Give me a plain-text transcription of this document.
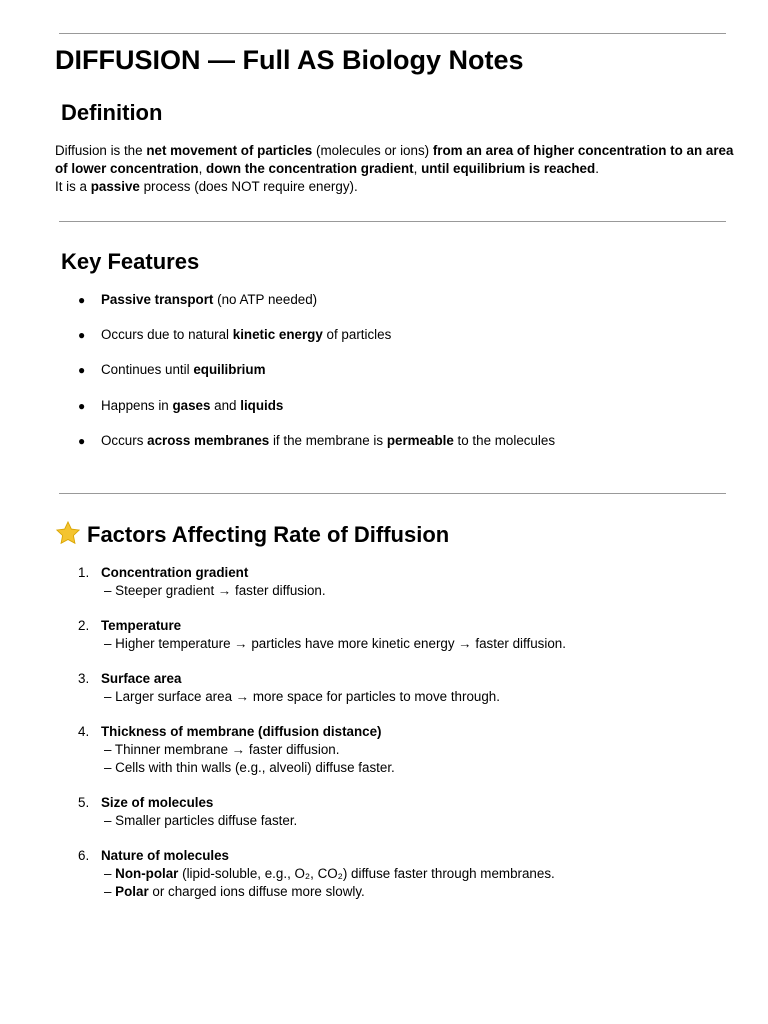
DIFFUSION — Full AS Biology Notes
Definition

Diffusion is the net movement of particles (molecules or ions) from an area of higher concentration to an area of lower concentration, down the concentration gradient, until equilibrium is reached.
It is a passive process (does NOT require energy).

Key Features
● Passive transport (no ATP needed)
● Occurs due to natural kinetic energy of particles
● Continues until equilibrium
● Happens in gases and liquids
● Occurs across membranes if the membrane is permeable to the molecules
Factors Affecting Rate of Diffusion
1. Concentration gradient
– Steeper gradient → faster diffusion.
2. Temperature
– Higher temperature → particles have more kinetic energy → faster diffusion.
3. Surface area
– Larger surface area → more space for particles to move through.
4. Thickness of membrane (diffusion distance)
– Thinner membrane → faster diffusion.
– Cells with thin walls (e.g., alveoli) diffuse faster.
5. Size of molecules
– Smaller particles diffuse faster.
6. Nature of molecules
– Non-polar (lipid-soluble, e.g., O₂, CO₂) diffuse faster through membranes.
– Polar or charged ions diffuse more slowly.
